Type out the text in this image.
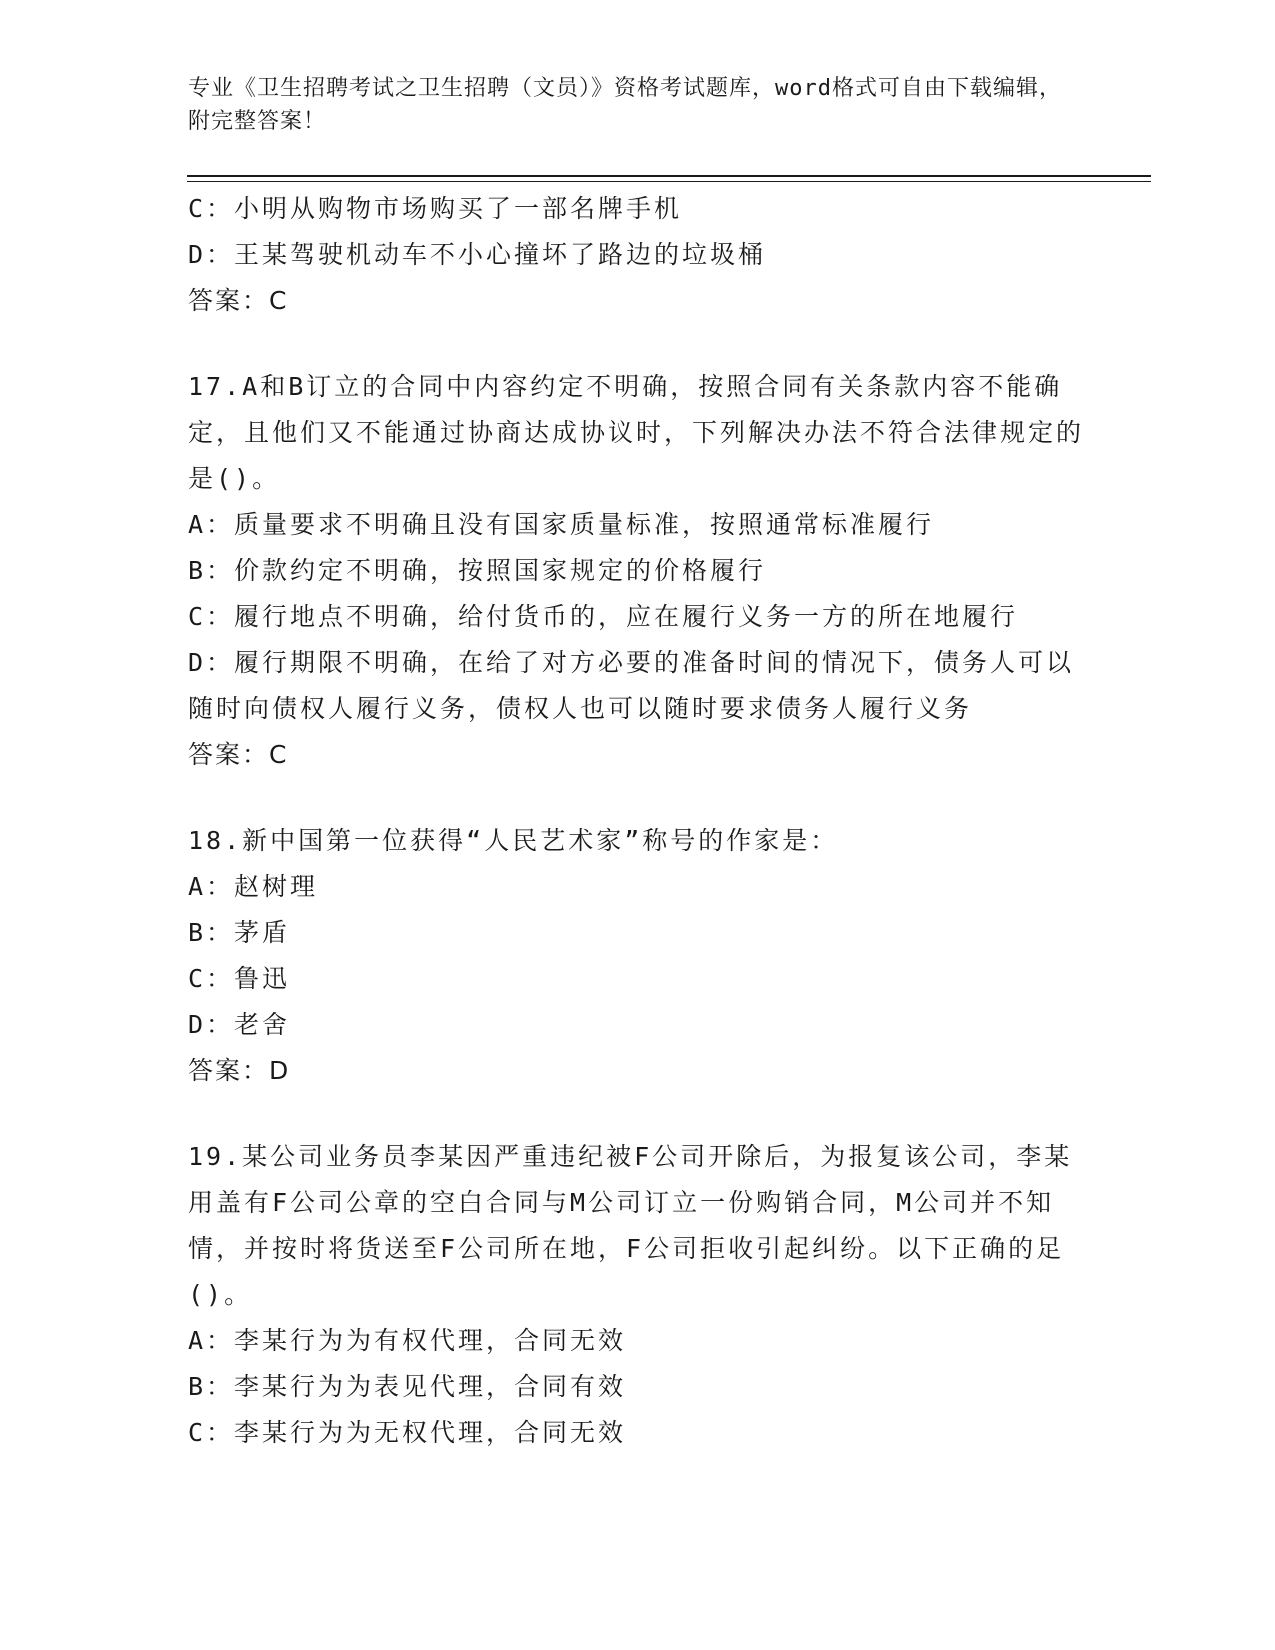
专业《卫生招聘考试之卫生招聘（文员）》资格考试题库，word格式可自由下载编辑，附完整答案！
C：小明从购物市场购买了一部名牌手机
D：王某驾驶机动车不小心撞坏了路边的垃圾桶
答案：C
17.A和B订立的合同中内容约定不明确，按照合同有关条款内容不能确定，且他们又不能通过协商达成协议时，下列解决办法不符合法律规定的是()。
A：质量要求不明确且没有国家质量标准，按照通常标准履行
B：价款约定不明确，按照国家规定的价格履行
C：履行地点不明确，给付货币的，应在履行义务一方的所在地履行
D：履行期限不明确，在给了对方必要的准备时间的情况下，债务人可以随时向债权人履行义务，债权人也可以随时要求债务人履行义务
答案：C
18.新中国第一位获得“人民艺术家”称号的作家是：
A：赵树理
B：茅盾
C：鲁迅
D：老舍
答案：D
19.某公司业务员李某因严重违纪被F公司开除后，为报复该公司，李某用盖有F公司公章的空白合同与M公司订立一份购销合同，M公司并不知情，并按时将货送至F公司所在地，F公司拒收引起纠纷。以下正确的足()。
A：李某行为为有权代理，合同无效
B：李某行为为表见代理，合同有效
C：李某行为为无权代理，合同无效
